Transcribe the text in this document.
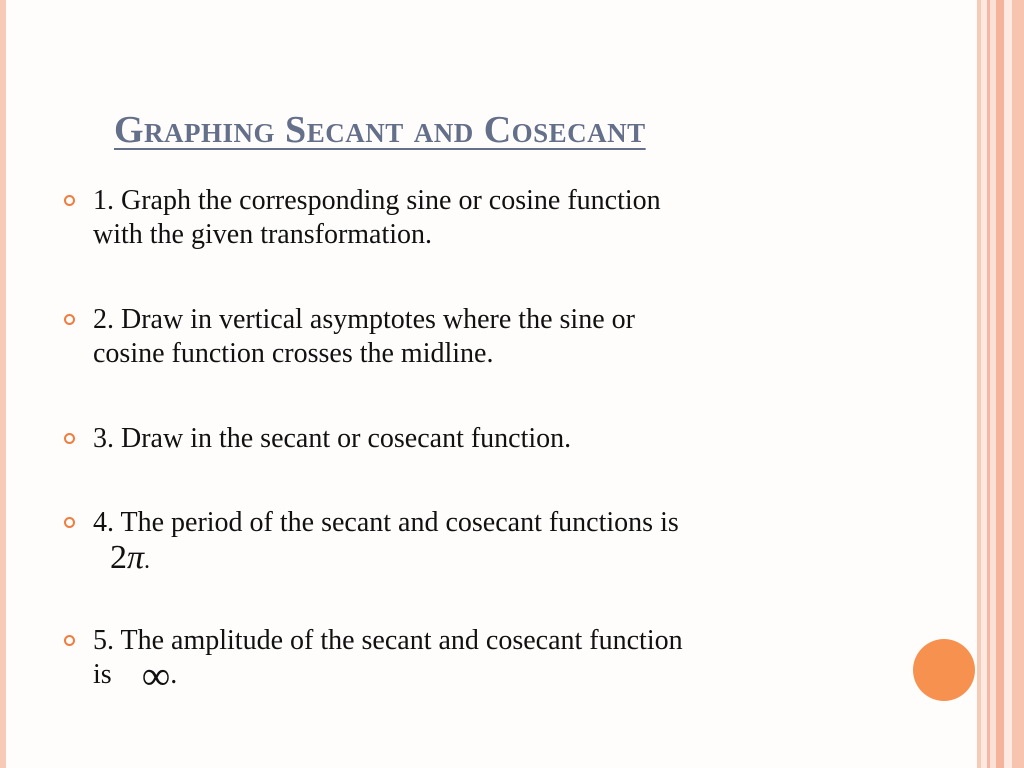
Graphing Secant and Cosecant
1. Graph the corresponding sine or cosine function
with the given transformation.
2. Draw in vertical asymptotes where the sine or
cosine function crosses the midline.
3. Draw in the secant or cosecant function.
4. The period of the secant and cosecant functions is
2π.
5. The amplitude of the secant and cosecant function
is ∞.
